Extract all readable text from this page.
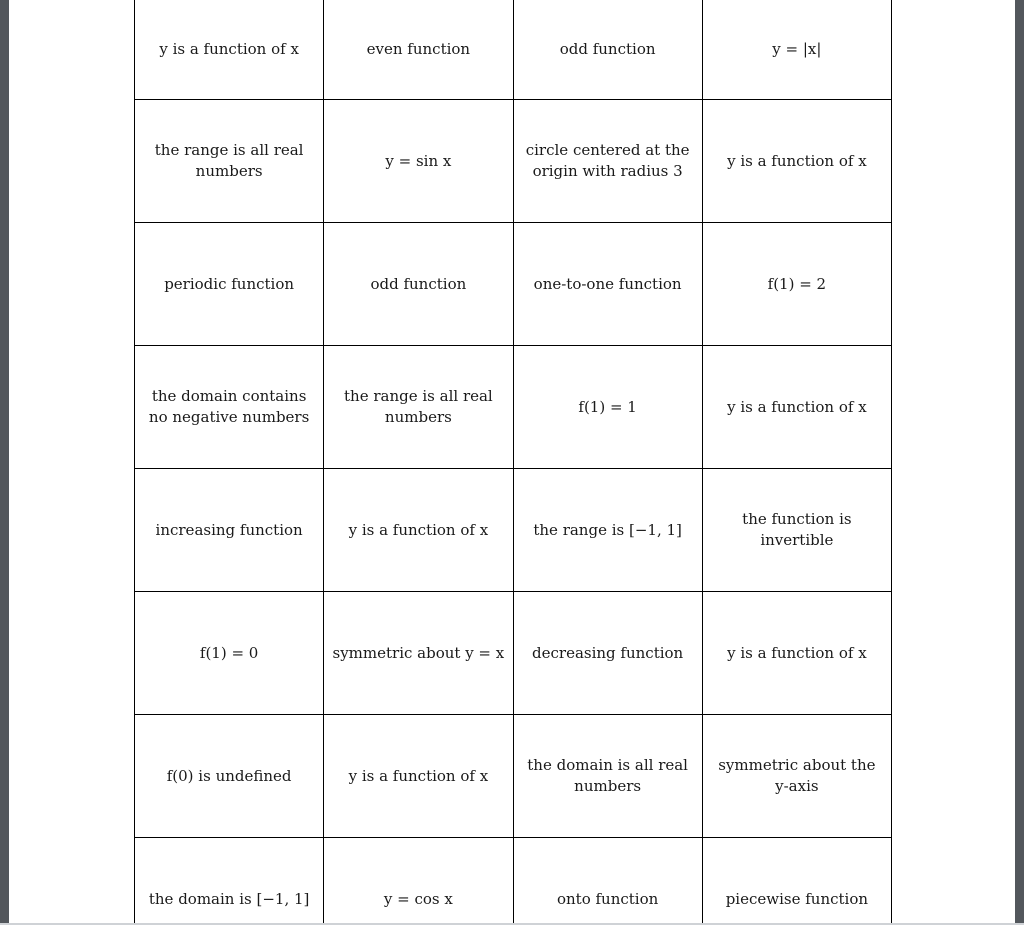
y is a function of x	even function	odd function	y = |x|
the range is all real numbers	y = sin x	circle centered at the origin with radius 3	y is a function of x
periodic function	odd function	one-to-one function	f(1) = 2
the domain contains no negative numbers	the range is all real numbers	f(1) = 1	y is a function of x
increasing function	y is a function of x	the range is [−1, 1]	the function is invertible
f(1) = 0	symmetric about y = x	decreasing function	y is a function of x
f(0) is undefined	y is a function of x	the domain is all real numbers	symmetric about the y-axis
the domain is [−1, 1]	y = cos x	onto function	piecewise function
